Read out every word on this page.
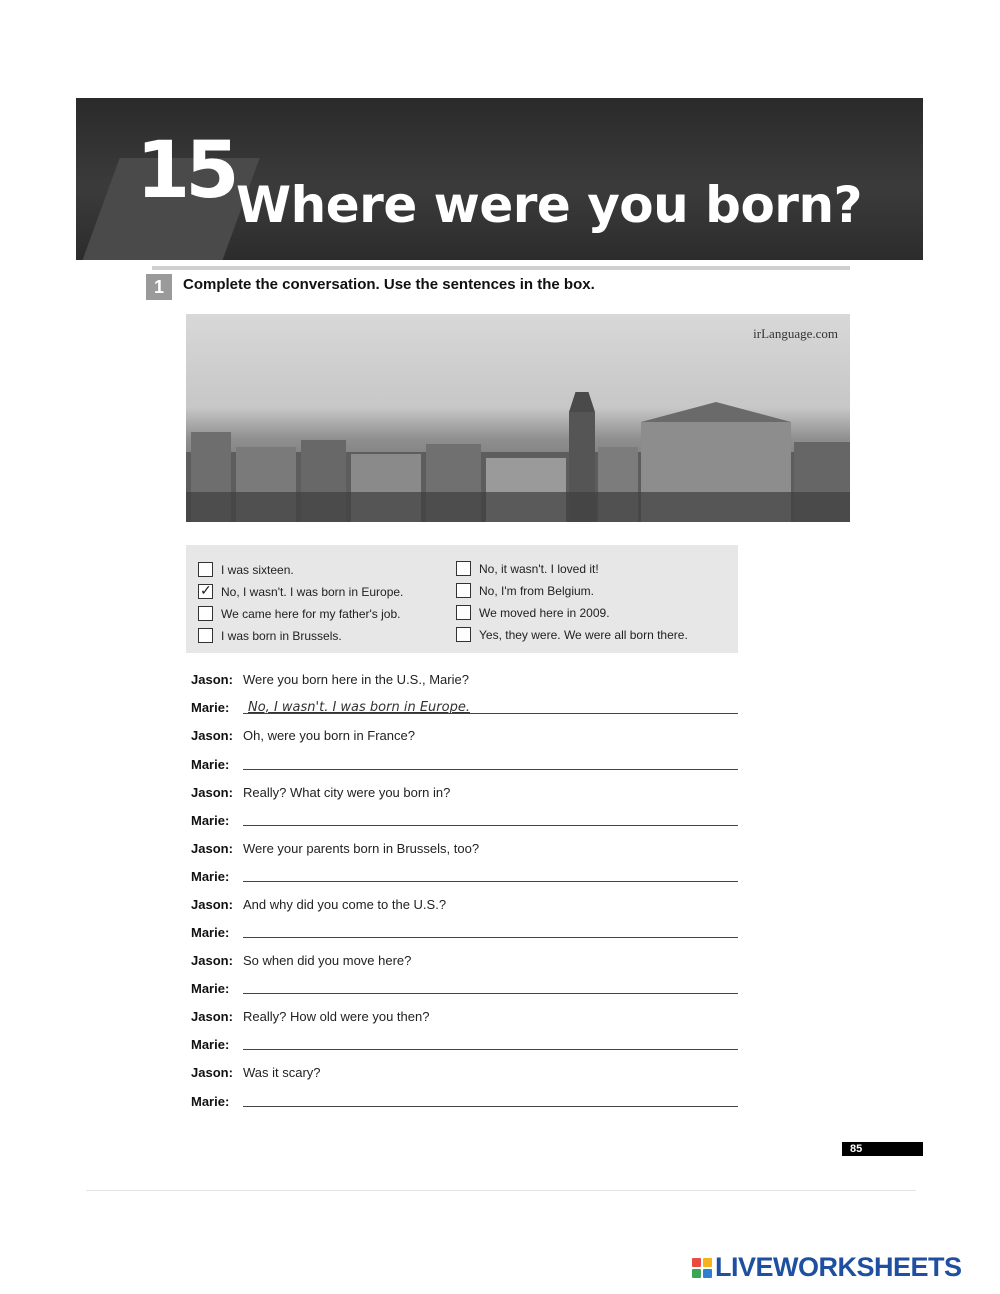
15 Where were you born?
1	Complete the conversation. Use the sentences in the box.
irLanguage.com
I was sixteen.
✓
No, I wasn't. I was born in Europe.
We came here for my father's job.
I was born in Brussels.
No, it wasn't. I loved it!
No, I'm from Belgium.
We moved here in 2009.
Yes, they were. We were all born there.
Jason: Were you born here in the U.S., Marie?
Marie:	No, I wasn't. I was born in Europe.
Jason: Oh, were you born in France?
Marie:
Jason: Really? What city were you born in?
Marie:
Jason: Were your parents born in Brussels, too?
Marie:
Jason: And why did you come to the U.S.?
Marie:
Jason: So when did you move here?
Marie:
Jason: Really? How old were you then?
Marie:
Jason: Was it scary?
Marie:
85
LIVEWORKSHEETS
